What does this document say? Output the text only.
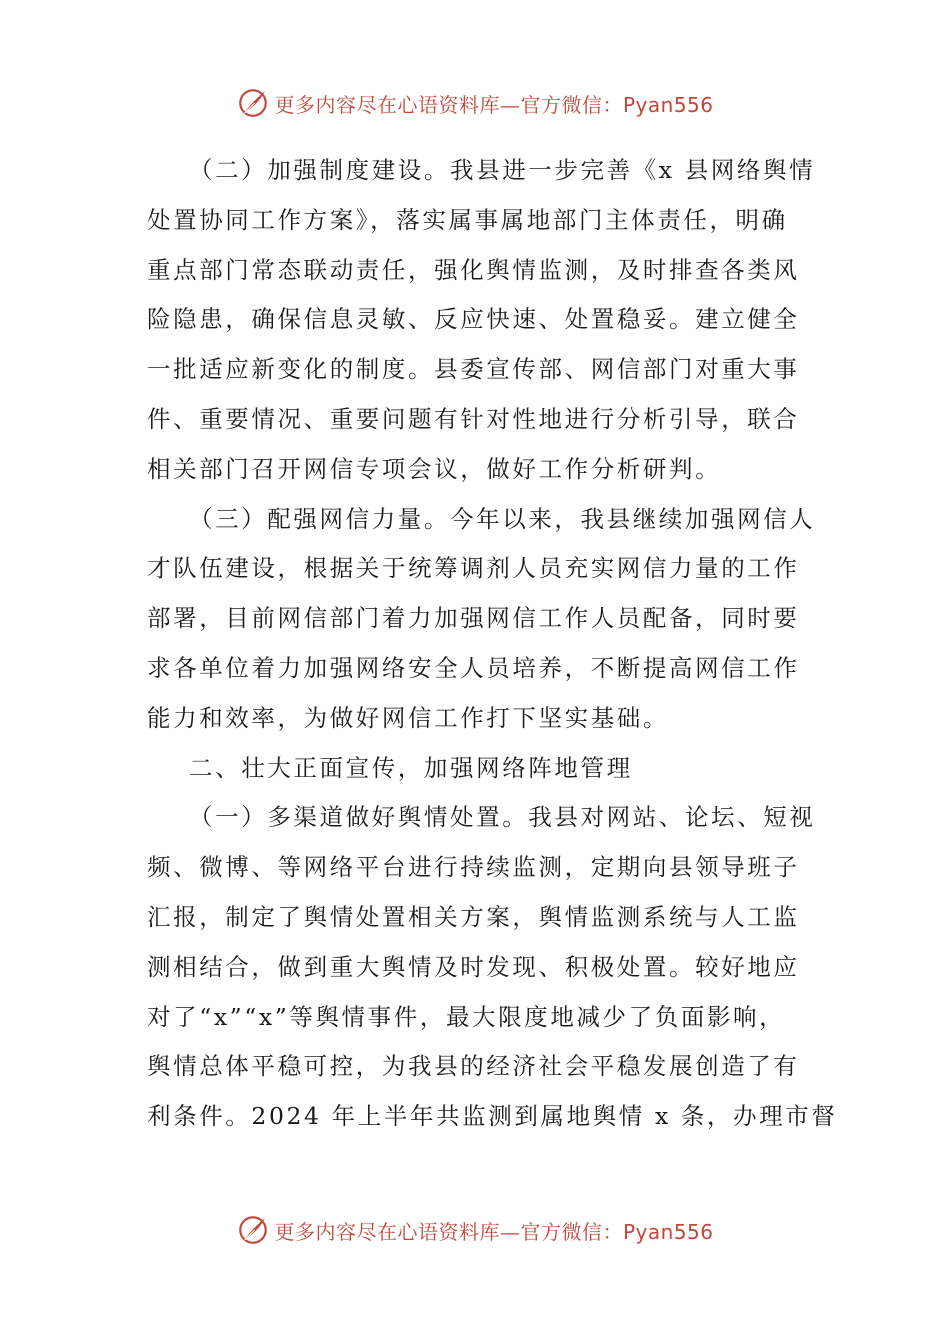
更多内容尽在心语资料库—官方微信：Pyan556

（二）加强制度建设。我县进一步完善《x 县网络舆情
处置协同工作方案》，落实属事属地部门主体责任，明确
重点部门常态联动责任，强化舆情监测，及时排查各类风
险隐患，确保信息灵敏、反应快速、处置稳妥。建立健全
一批适应新变化的制度。县委宣传部、网信部门对重大事
件、重要情况、重要问题有针对性地进行分析引导，联合
相关部门召开网信专项会议，做好工作分析研判。

（三）配强网信力量。今年以来，我县继续加强网信人
才队伍建设，根据关于统筹调剂人员充实网信力量的工作
部署，目前网信部门着力加强网信工作人员配备，同时要
求各单位着力加强网络安全人员培养，不断提高网信工作
能力和效率，为做好网信工作打下坚实基础。

二、壮大正面宣传，加强网络阵地管理

（一）多渠道做好舆情处置。我县对网站、论坛、短视
频、微博、等网络平台进行持续监测，定期向县领导班子
汇报，制定了舆情处置相关方案，舆情监测系统与人工监
测相结合，做到重大舆情及时发现、积极处置。较好地应
对了“x”“x”等舆情事件，最大限度地减少了负面影响，
舆情总体平稳可控，为我县的经济社会平稳发展创造了有
利条件。2024 年上半年共监测到属地舆情 x 条，办理市督

更多内容尽在心语资料库—官方微信：Pyan556
